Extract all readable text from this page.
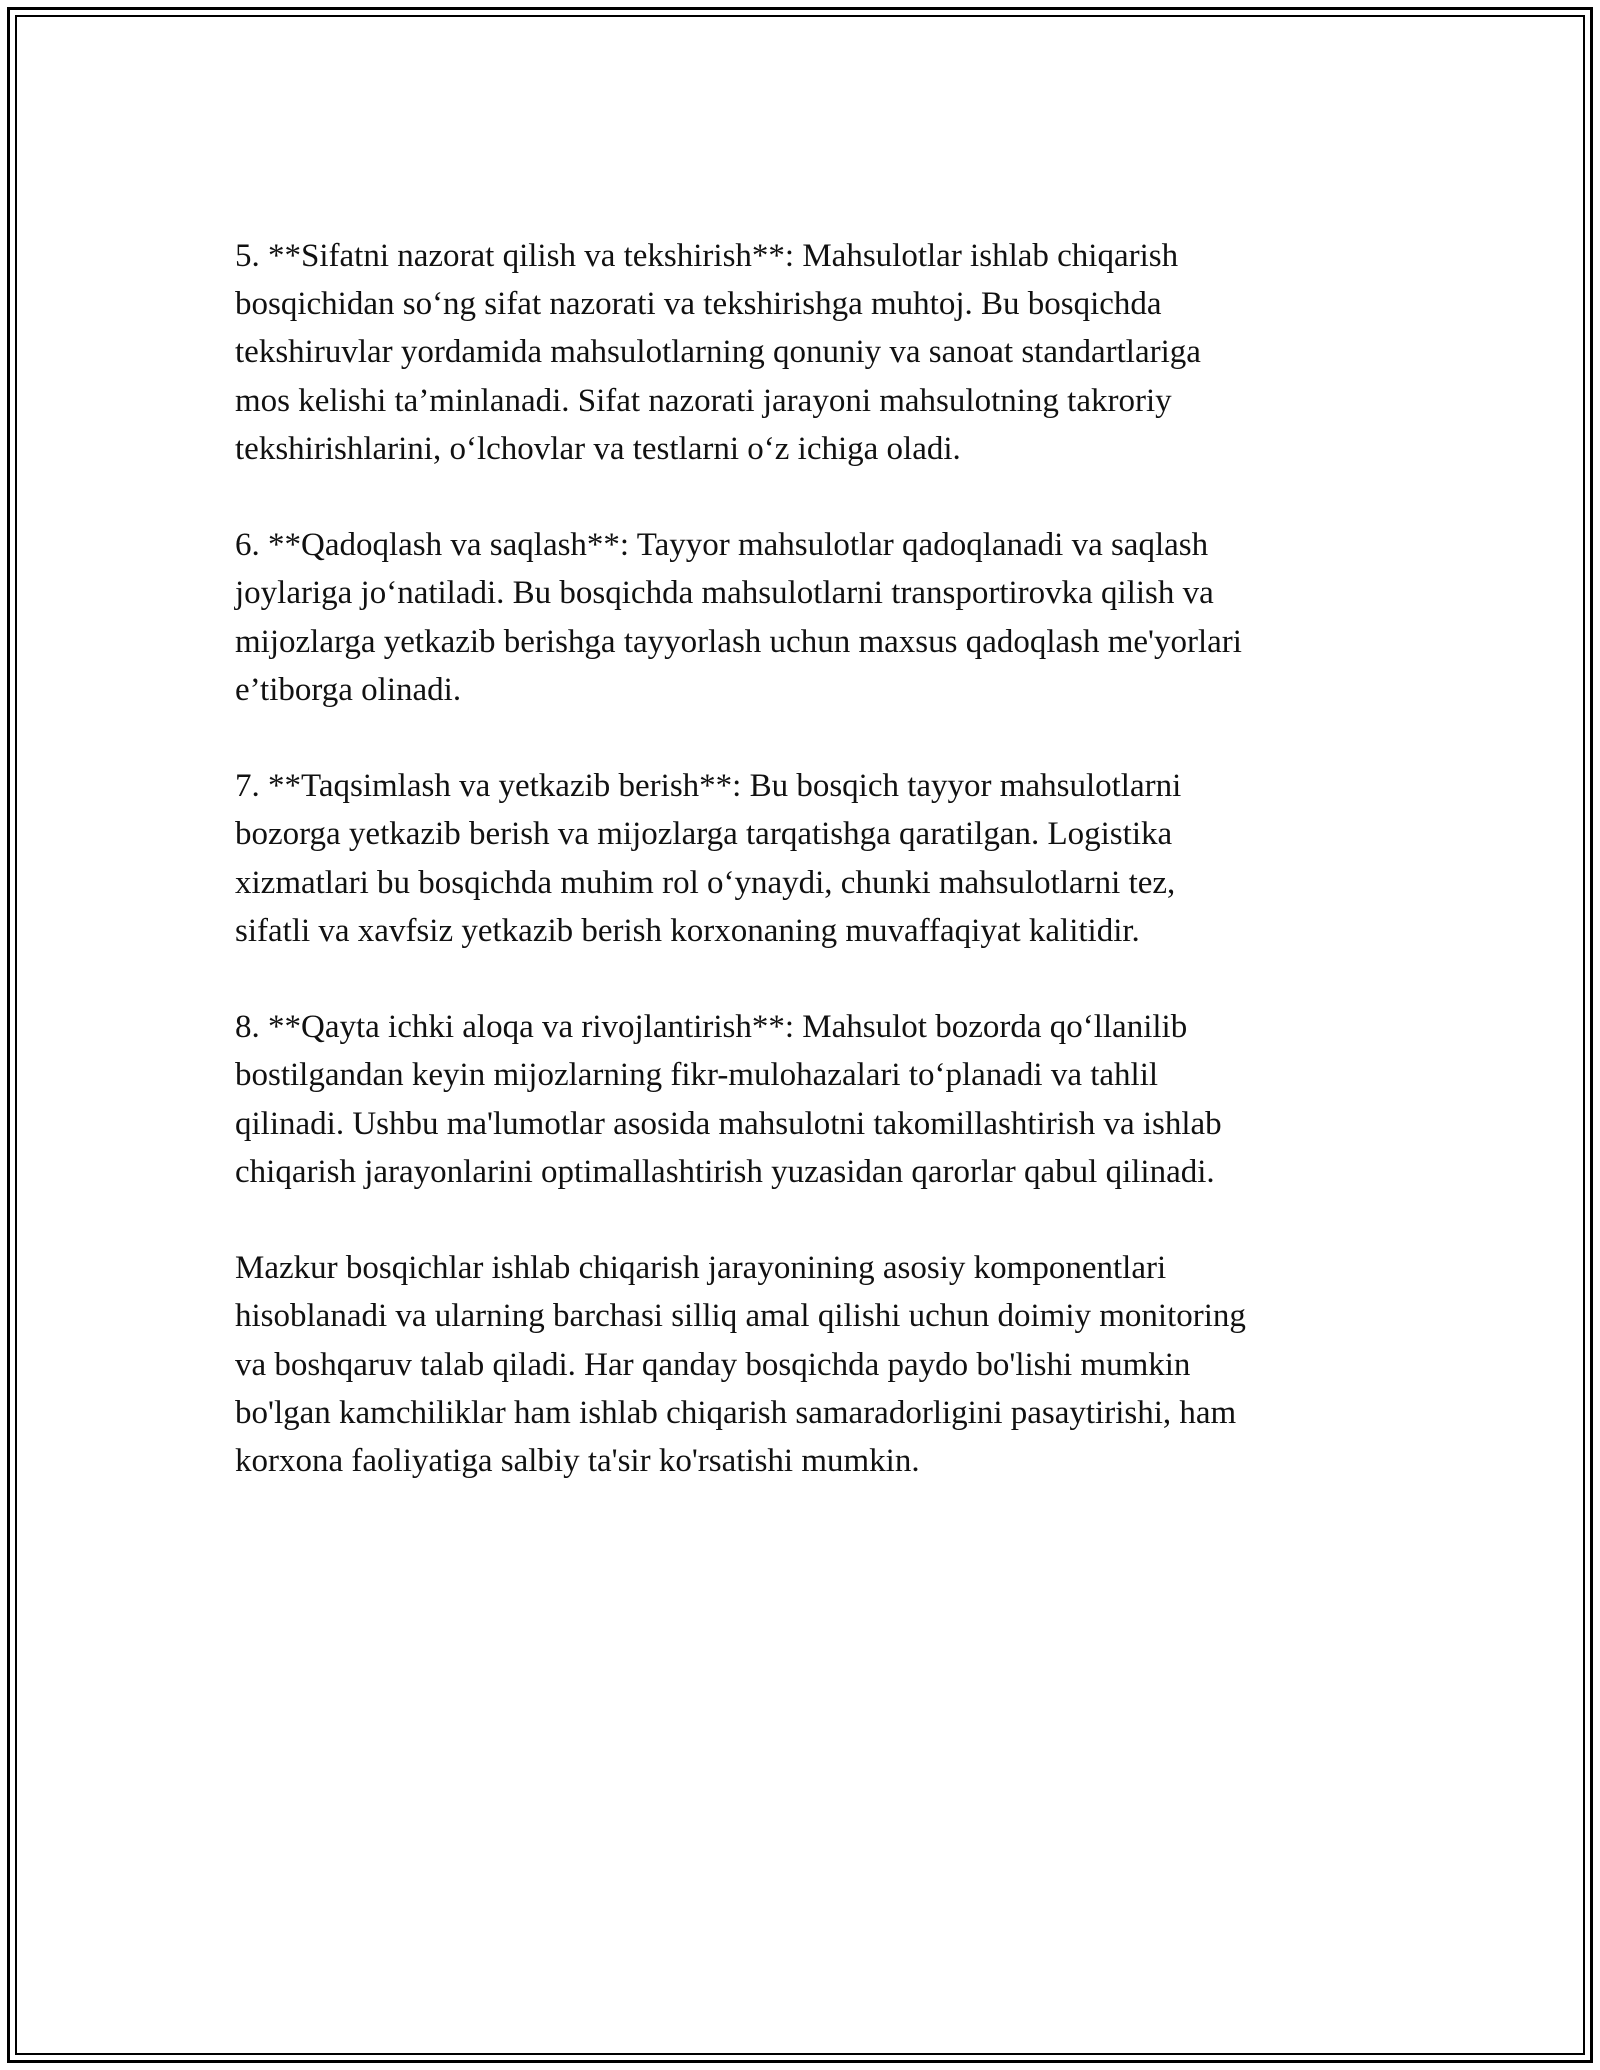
5. **Sifatni nazorat qilish va tekshirish**: Mahsulotlar ishlab chiqarish
bosqichidan so‘ng sifat nazorati va tekshirishga muhtoj. Bu bosqichda
tekshiruvlar yordamida mahsulotlarning qonuniy va sanoat standartlariga
mos kelishi ta’minlanadi. Sifat nazorati jarayoni mahsulotning takroriy
tekshirishlarini, o‘lchovlar va testlarni o‘z ichiga oladi.

6. **Qadoqlash va saqlash**: Tayyor mahsulotlar qadoqlanadi va saqlash
joylariga jo‘natiladi. Bu bosqichda mahsulotlarni transportirovka qilish va
mijozlarga yetkazib berishga tayyorlash uchun maxsus qadoqlash me'yorlari
e’tiborga olinadi.

7. **Taqsimlash va yetkazib berish**: Bu bosqich tayyor mahsulotlarni
bozorga yetkazib berish va mijozlarga tarqatishga qaratilgan. Logistika
xizmatlari bu bosqichda muhim rol o‘ynaydi, chunki mahsulotlarni tez,
sifatli va xavfsiz yetkazib berish korxonaning muvaffaqiyat kalitidir.

8. **Qayta ichki aloqa va rivojlantirish**: Mahsulot bozorda qo‘llanilib
bostilgandan keyin mijozlarning fikr-mulohazalari to‘planadi va tahlil
qilinadi. Ushbu ma'lumotlar asosida mahsulotni takomillashtirish va ishlab
chiqarish jarayonlarini optimallashtirish yuzasidan qarorlar qabul qilinadi.

Mazkur bosqichlar ishlab chiqarish jarayonining asosiy komponentlari
hisoblanadi va ularning barchasi silliq amal qilishi uchun doimiy monitoring
va boshqaruv talab qiladi. Har qanday bosqichda paydo bo'lishi mumkin
bo'lgan kamchiliklar ham ishlab chiqarish samaradorligini pasaytirishi, ham
korxona faoliyatiga salbiy ta'sir ko'rsatishi mumkin.
